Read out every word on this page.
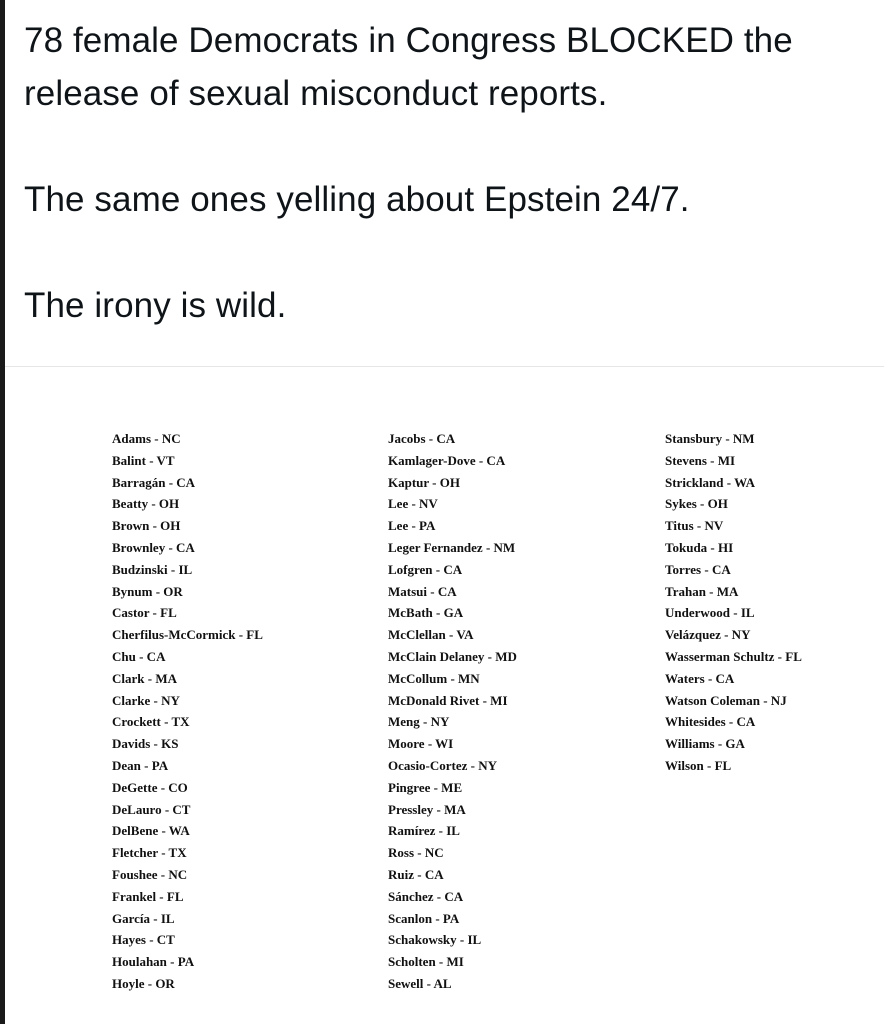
78 female Democrats in Congress BLOCKED the

release of sexual misconduct reports.

The same ones yelling about Epstein 24/7.

The irony is wild.

Adams - NC
Balint - VT
Barragán - CA
Beatty - OH
Brown - OH
Brownley - CA
Budzinski - IL
Bynum - OR
Castor - FL
Cherfilus-McCormick - FL
Chu - CA
Clark - MA
Clarke - NY
Crockett - TX
Davids - KS
Dean - PA
DeGette - CO
DeLauro - CT
DelBene - WA
Fletcher - TX
Foushee - NC
Frankel - FL
García - IL
Hayes - CT
Houlahan - PA
Hoyle - OR
Jacobs - CA
Kamlager-Dove - CA
Kaptur - OH
Lee - NV
Lee - PA
Leger Fernandez - NM
Lofgren - CA
Matsui - CA
McBath - GA
McClellan - VA
McClain Delaney - MD
McCollum - MN
McDonald Rivet - MI
Meng - NY
Moore - WI
Ocasio-Cortez - NY
Pingree - ME
Pressley - MA
Ramírez - IL
Ross - NC
Ruiz - CA
Sánchez - CA
Scanlon - PA
Schakowsky - IL
Scholten - MI
Sewell - AL
Stansbury - NM
Stevens - MI
Strickland - WA
Sykes - OH
Titus - NV
Tokuda - HI
Torres - CA
Trahan - MA
Underwood - IL
Velázquez - NY
Wasserman Schultz - FL
Waters - CA
Watson Coleman - NJ
Whitesides - CA
Williams - GA
Wilson - FL
